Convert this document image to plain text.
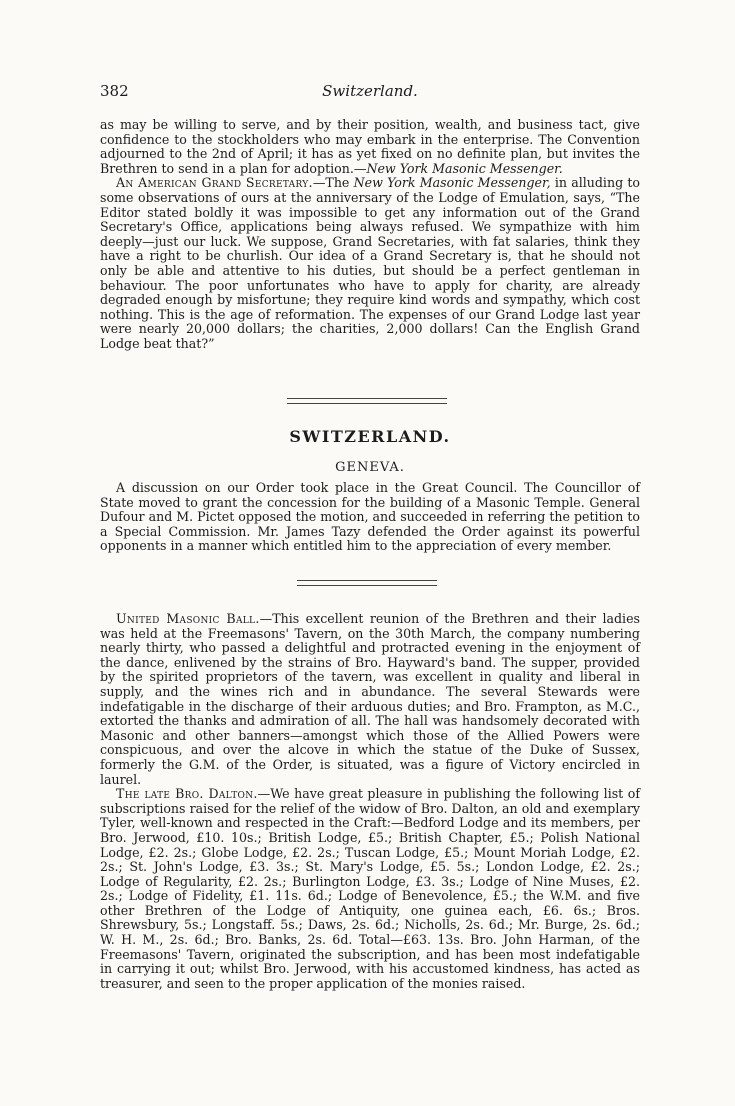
382	Switzerland.

as may be willing to serve, and by their position, wealth, and business tact, give confidence to the stockholders who may embark in the enterprise. The Convention adjourned to the 2nd of April; it has as yet fixed on no definite plan, but invites the Brethren to send in a plan for adoption.—New York Masonic Messenger.

An American Grand Secretary.—The New York Masonic Messenger, in alluding to some observations of ours at the anniversary of the Lodge of Emulation, says, “The Editor stated boldly it was impossible to get any information out of the Grand Secretary's Office, applications being always refused. We sympathize with him deeply—just our luck. We suppose, Grand Secretaries, with fat salaries, think they have a right to be churlish. Our idea of a Grand Secretary is, that he should not only be able and attentive to his duties, but should be a perfect gentleman in behaviour. The poor unfortunates who have to apply for charity, are already degraded enough by misfortune; they require kind words and sympathy, which cost nothing. This is the age of reformation. The expenses of our Grand Lodge last year were nearly 20,000 dollars; the charities, 2,000 dollars! Can the English Grand Lodge beat that?”

SWITZERLAND.
GENEVA.

A discussion on our Order took place in the Great Council. The Councillor of State moved to grant the concession for the building of a Masonic Temple. General Dufour and M. Pictet opposed the motion, and succeeded in referring the petition to a Special Commission. Mr. James Tazy defended the Order against its powerful opponents in a manner which entitled him to the appreciation of every member.

United Masonic Ball.—This excellent reunion of the Brethren and their ladies was held at the Freemasons' Tavern, on the 30th March, the company numbering nearly thirty, who passed a delightful and protracted evening in the enjoyment of the dance, enlivened by the strains of Bro. Hayward's band. The supper, provided by the spirited proprietors of the tavern, was excellent in quality and liberal in supply, and the wines rich and in abundance. The several Stewards were indefatigable in the discharge of their arduous duties; and Bro. Frampton, as M.C., extorted the thanks and admiration of all. The hall was handsomely decorated with Masonic and other banners—amongst which those of the Allied Powers were conspicuous, and over the alcove in which the statue of the Duke of Sussex, formerly the G.M. of the Order, is situated, was a figure of Victory encircled in laurel.

The late Bro. Dalton.—We have great pleasure in publishing the following list of subscriptions raised for the relief of the widow of Bro. Dalton, an old and exemplary Tyler, well-known and respected in the Craft:—Bedford Lodge and its members, per Bro. Jerwood, £10. 10s.; British Lodge, £5.; British Chapter, £5.; Polish National Lodge, £2. 2s.; Globe Lodge, £2. 2s.; Tuscan Lodge, £5.; Mount Moriah Lodge, £2. 2s.; St. John's Lodge, £3. 3s.; St. Mary's Lodge, £5. 5s.; London Lodge, £2. 2s.; Lodge of Regularity, £2. 2s.; Burlington Lodge, £3. 3s.; Lodge of Nine Muses, £2. 2s.; Lodge of Fidelity, £1. 11s. 6d.; Lodge of Benevolence, £5.; the W.M. and five other Brethren of the Lodge of Antiquity, one guinea each, £6. 6s.; Bros. Shrewsbury, 5s.; Longstaff. 5s.; Daws, 2s. 6d.; Nicholls, 2s. 6d.; Mr. Burge, 2s. 6d.; W. H. M., 2s. 6d.; Bro. Banks, 2s. 6d. Total—£63. 13s. Bro. John Harman, of the Freemasons' Tavern, originated the subscription, and has been most indefatigable in carrying it out; whilst Bro. Jerwood, with his accustomed kindness, has acted as treasurer, and seen to the proper application of the monies raised.
